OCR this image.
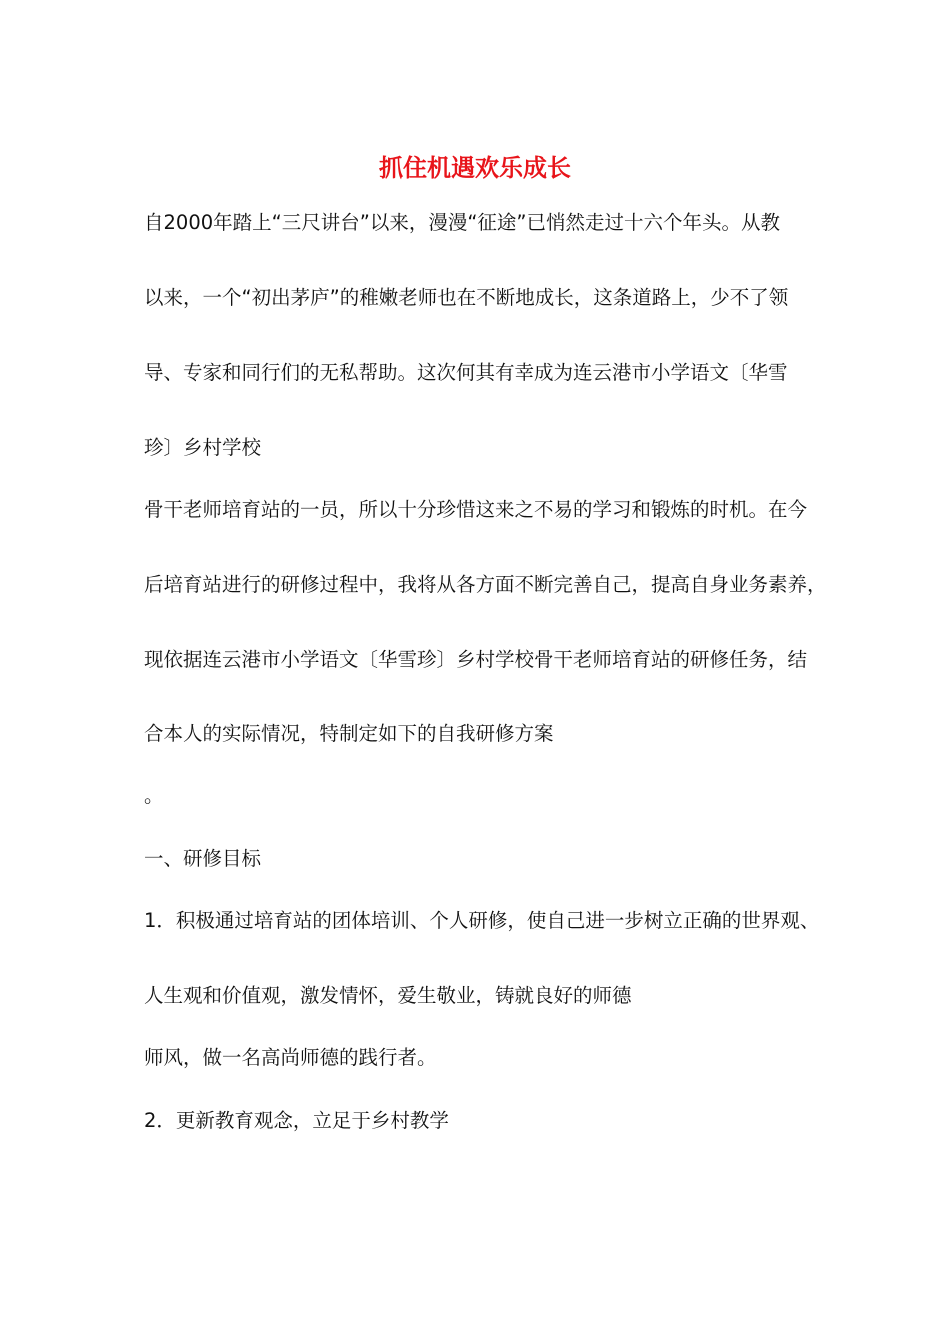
抓住机遇欢乐成长

自2000年踏上“三尺讲台”以来，漫漫“征途”已悄然走过十六个年头。从教

以来，一个“初出茅庐”的稚嫩老师也在不断地成长，这条道路上，少不了领

导、专家和同行们的无私帮助。这次何其有幸成为连云港市小学语文〔华雪

珍〕乡村学校

骨干老师培育站的一员，所以十分珍惜这来之不易的学习和锻炼的时机。在今

后培育站进行的研修过程中，我将从各方面不断完善自己，提高自身业务素养，

现依据连云港市小学语文〔华雪珍〕乡村学校骨干老师培育站的研修任务，结

合本人的实际情况，特制定如下的自我研修方案

。

一、研修目标

1．积极通过培育站的团体培训、个人研修，使自己进一步树立正确的世界观、

人生观和价值观，激发情怀，爱生敬业，铸就良好的师德

师风，做一名高尚师德的践行者。

2．更新教育观念，立足于乡村教学
